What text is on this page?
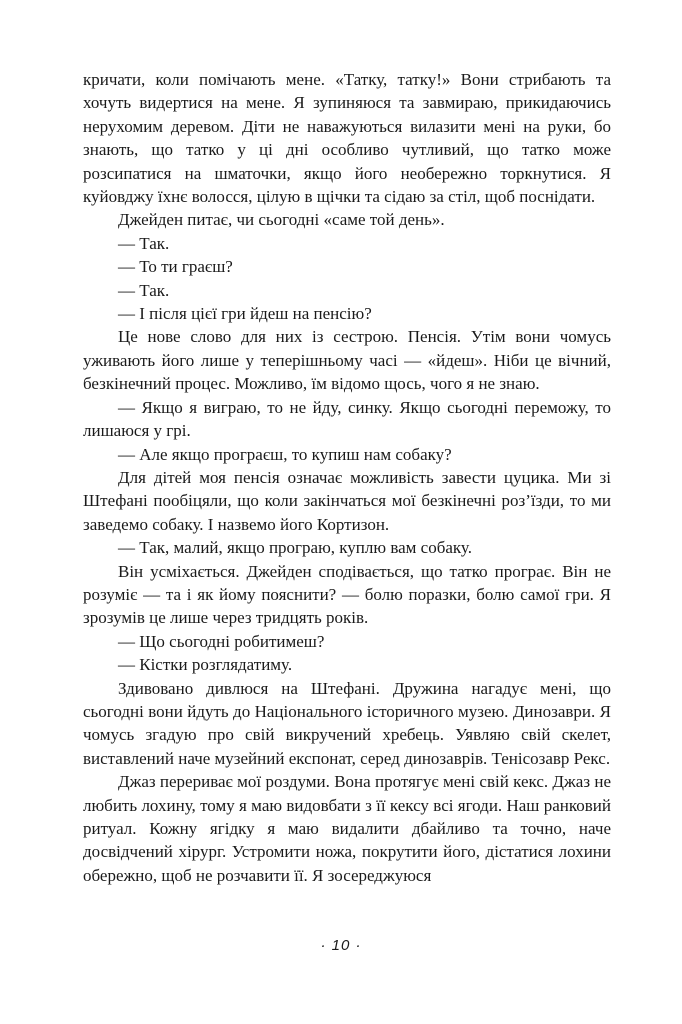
кричати, коли помічають мене. «Татку, татку!» Вони стрибають та хочуть видертися на мене. Я зупиняюся та завмираю, прикидаючись нерухомим деревом. Діти не наважуються вилазити мені на руки, бо знають, що татко у ці дні особливо чутливий, що татко може розсипатися на шматочки, якщо його необережно торкнутися. Я куйовджу їхнє волосся, цілую в щічки та сідаю за стіл, щоб поснідати.

Джейден питає, чи сьогодні «саме той день».

— Так.

— То ти граєш?

— Так.

— І після цієї гри йдеш на пенсію?

Це нове слово для них із сестрою. Пенсія. Утім вони чомусь уживають його лише у теперішньому часі — «йдеш». Ніби це вічний, безкінечний процес. Можливо, їм відомо щось, чого я не знаю.

— Якщо я виграю, то не йду, синку. Якщо сьогодні переможу, то лишаюся у грі.

— Але якщо програєш, то купиш нам собаку?

Для дітей моя пенсія означає можливість завести цуцика. Ми зі Штефані пообіцяли, що коли закінчаться мої безкінечні роз’їзди, то ми заведемо собаку. І назвемо його Кортизон.

— Так, малий, якщо програю, куплю вам собаку.

Він усміхається. Джейден сподівається, що татко програє. Він не розуміє — та і як йому пояснити? — болю поразки, болю самої гри. Я зрозумів це лише через тридцять років.

— Що сьогодні робитимеш?

— Кістки розглядатиму.

Здивовано дивлюся на Штефані. Дружина нагадує мені, що сьогодні вони йдуть до Національного історичного музею. Динозаври. Я чомусь згадую про свій викручений хребець. Уявляю свій скелет, виставлений наче музейний експонат, серед динозаврів. Тенісозавр Рекс.

Джаз перериває мої роздуми. Вона протягує мені свій кекс. Джаз не любить лохину, тому я маю видовбати з її кексу всі ягоди. Наш ранковий ритуал. Кожну ягідку я маю видалити дбайливо та точно, наче досвідчений хірург. Устромити ножа, покрутити його, дістатися лохини обережно, щоб не розчавити її. Я зосереджуюся

· 10 ·
